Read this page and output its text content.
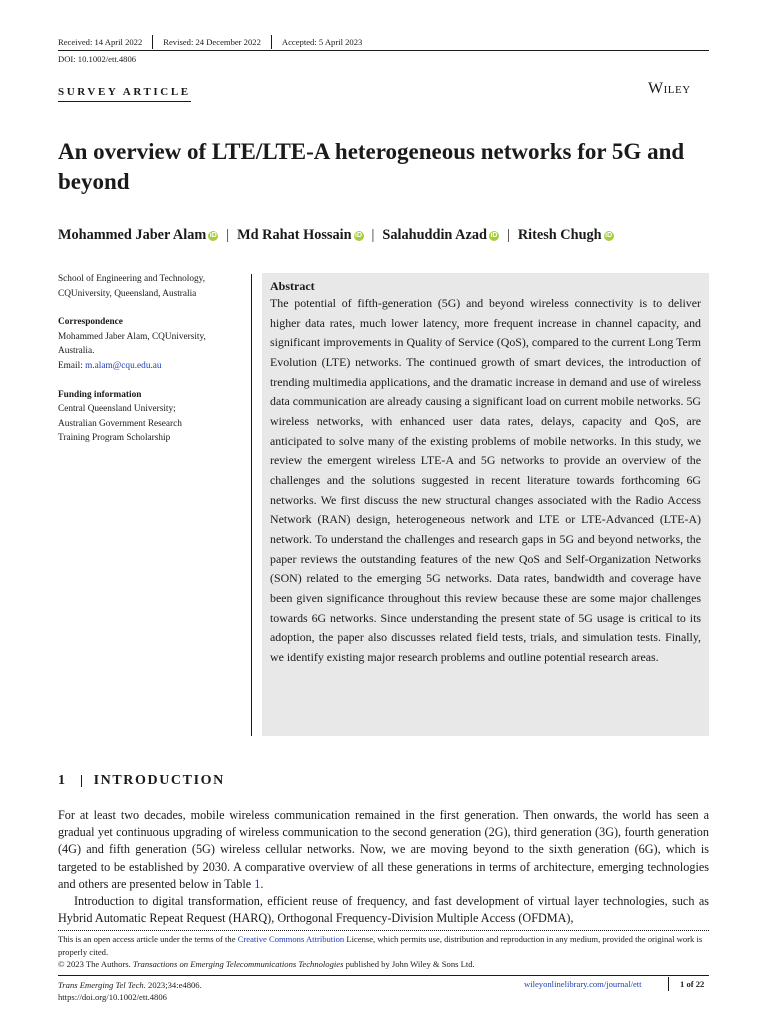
Received: 14 April 2022	Revised: 24 December 2022	Accepted: 5 April 2023
DOI: 10.1002/ett.4806
SURVEY ARTICLE	Wiley
An overview of LTE/LTE-A heterogeneous networks for 5G and beyond
Mohammed Jaber Alam iD | Md Rahat Hossain iD | Salahuddin Azad iD | Ritesh Chugh iD
School of Engineering and Technology,
CQUniversity, Queensland, Australia
Correspondence
Mohammed Jaber Alam, CQUniversity,
Australia.
Email: m.alam@cqu.edu.au
Funding information
Central Queensland University;
Australian Government Research
Training Program Scholarship
Abstract
The potential of fifth-generation (5G) and beyond wireless connectivity is to deliver higher data rates, much lower latency, more frequent increase in channel capacity, and significant improvements in Quality of Service (QoS), compared to the current Long Term Evolution (LTE) networks. The continued growth of smart devices, the introduction of trending multimedia applications, and the dramatic increase in demand and use of wireless data communication are already causing a significant load on current mobile networks. 5G wireless networks, with enhanced user data rates, delays, capacity and QoS, are anticipated to solve many of the existing problems of mobile networks. In this study, we review the emergent wireless LTE-A and 5G networks to provide an overview of the challenges and the solutions suggested in recent literature towards forthcoming 6G networks. We first discuss the new structural changes associated with the Radio Access Network (RAN) design, heterogeneous network and LTE or LTE-Advanced (LTE-A) network. To understand the challenges and research gaps in 5G and beyond networks, the paper reviews the outstanding features of the new QoS and Self-Organization Networks (SON) related to the emerging 5G networks. Data rates, bandwidth and coverage have been given significance throughout this review because these are some major challenges towards 6G networks. Since understanding the present state of 5G usage is critical to its adoption, the paper also discusses related field tests, trials, and simulation tests. Finally, we identify existing major research problems and outline potential research areas.
1 INTRODUCTION
For at least two decades, mobile wireless communication remained in the first generation. Then onwards, the world has seen a gradual yet continuous upgrading of wireless communication to the second generation (2G), third generation (3G), fourth generation (4G) and fifth generation (5G) wireless cellular networks. Now, we are moving beyond to the sixth generation (6G), which is targeted to be established by 2030. A comparative overview of all these generations in terms of architecture, emerging technologies and others are presented below in Table 1.
Introduction to digital transformation, efficient reuse of frequency, and fast development of virtual layer technologies, such as Hybrid Automatic Repeat Request (HARQ), Orthogonal Frequency-Division Multiple Access (OFDMA),
This is an open access article under the terms of the Creative Commons Attribution License, which permits use, distribution and reproduction in any medium, provided the original work is properly cited.
© 2023 The Authors. Transactions on Emerging Telecommunications Technologies published by John Wiley & Sons Ltd.
Trans Emerging Tel Tech. 2023;34:e4806.
https://doi.org/10.1002/ett.4806
wileyonlinelibrary.com/journal/ett	1 of 22
